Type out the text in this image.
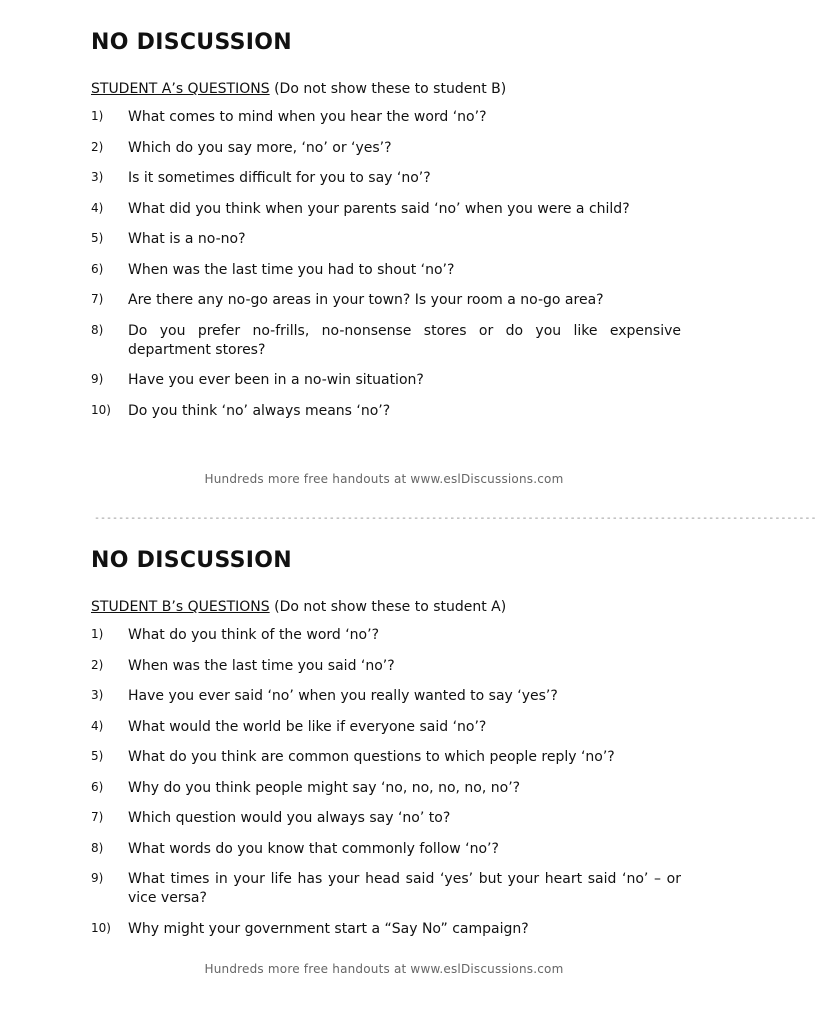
NO DISCUSSION
STUDENT A’s QUESTIONS (Do not show these to student B)
1)	What comes to mind when you hear the word ‘no’?
2)	Which do you say more, ‘no’ or ‘yes’?
3)	Is it sometimes difficult for you to say ‘no’?
4)	What did you think when your parents said ‘no’ when you were a child?
5)	What is a no-no?
6)	When was the last time you had to shout ‘no’?
7)	Are there any no-go areas in your town? Is your room a no-go area?
8)	Do you prefer no-frills, no-nonsense stores or do you like expensive department stores?
9)	Have you ever been in a no-win situation?
10)	Do you think ‘no’ always means ‘no’?
Hundreds more free handouts at www.eslDiscussions.com
------------------------------------------------------------------------------------------------------------------------
NO DISCUSSION
STUDENT B’s QUESTIONS (Do not show these to student A)
1)	What do you think of the word ‘no’?
2)	When was the last time you said ‘no’?
3)	Have you ever said ‘no’ when you really wanted to say ‘yes’?
4)	What would the world be like if everyone said ‘no’?
5)	What do you think are common questions to which people reply ‘no’?
6)	Why do you think people might say ‘no, no, no, no, no’?
7)	Which question would you always say ‘no’ to?
8)	What words do you know that commonly follow ‘no’?
9)	What times in your life has your head said ‘yes’ but your heart said ‘no’ – or vice versa?
10)	Why might your government start a “Say No” campaign?
Hundreds more free handouts at www.eslDiscussions.com
